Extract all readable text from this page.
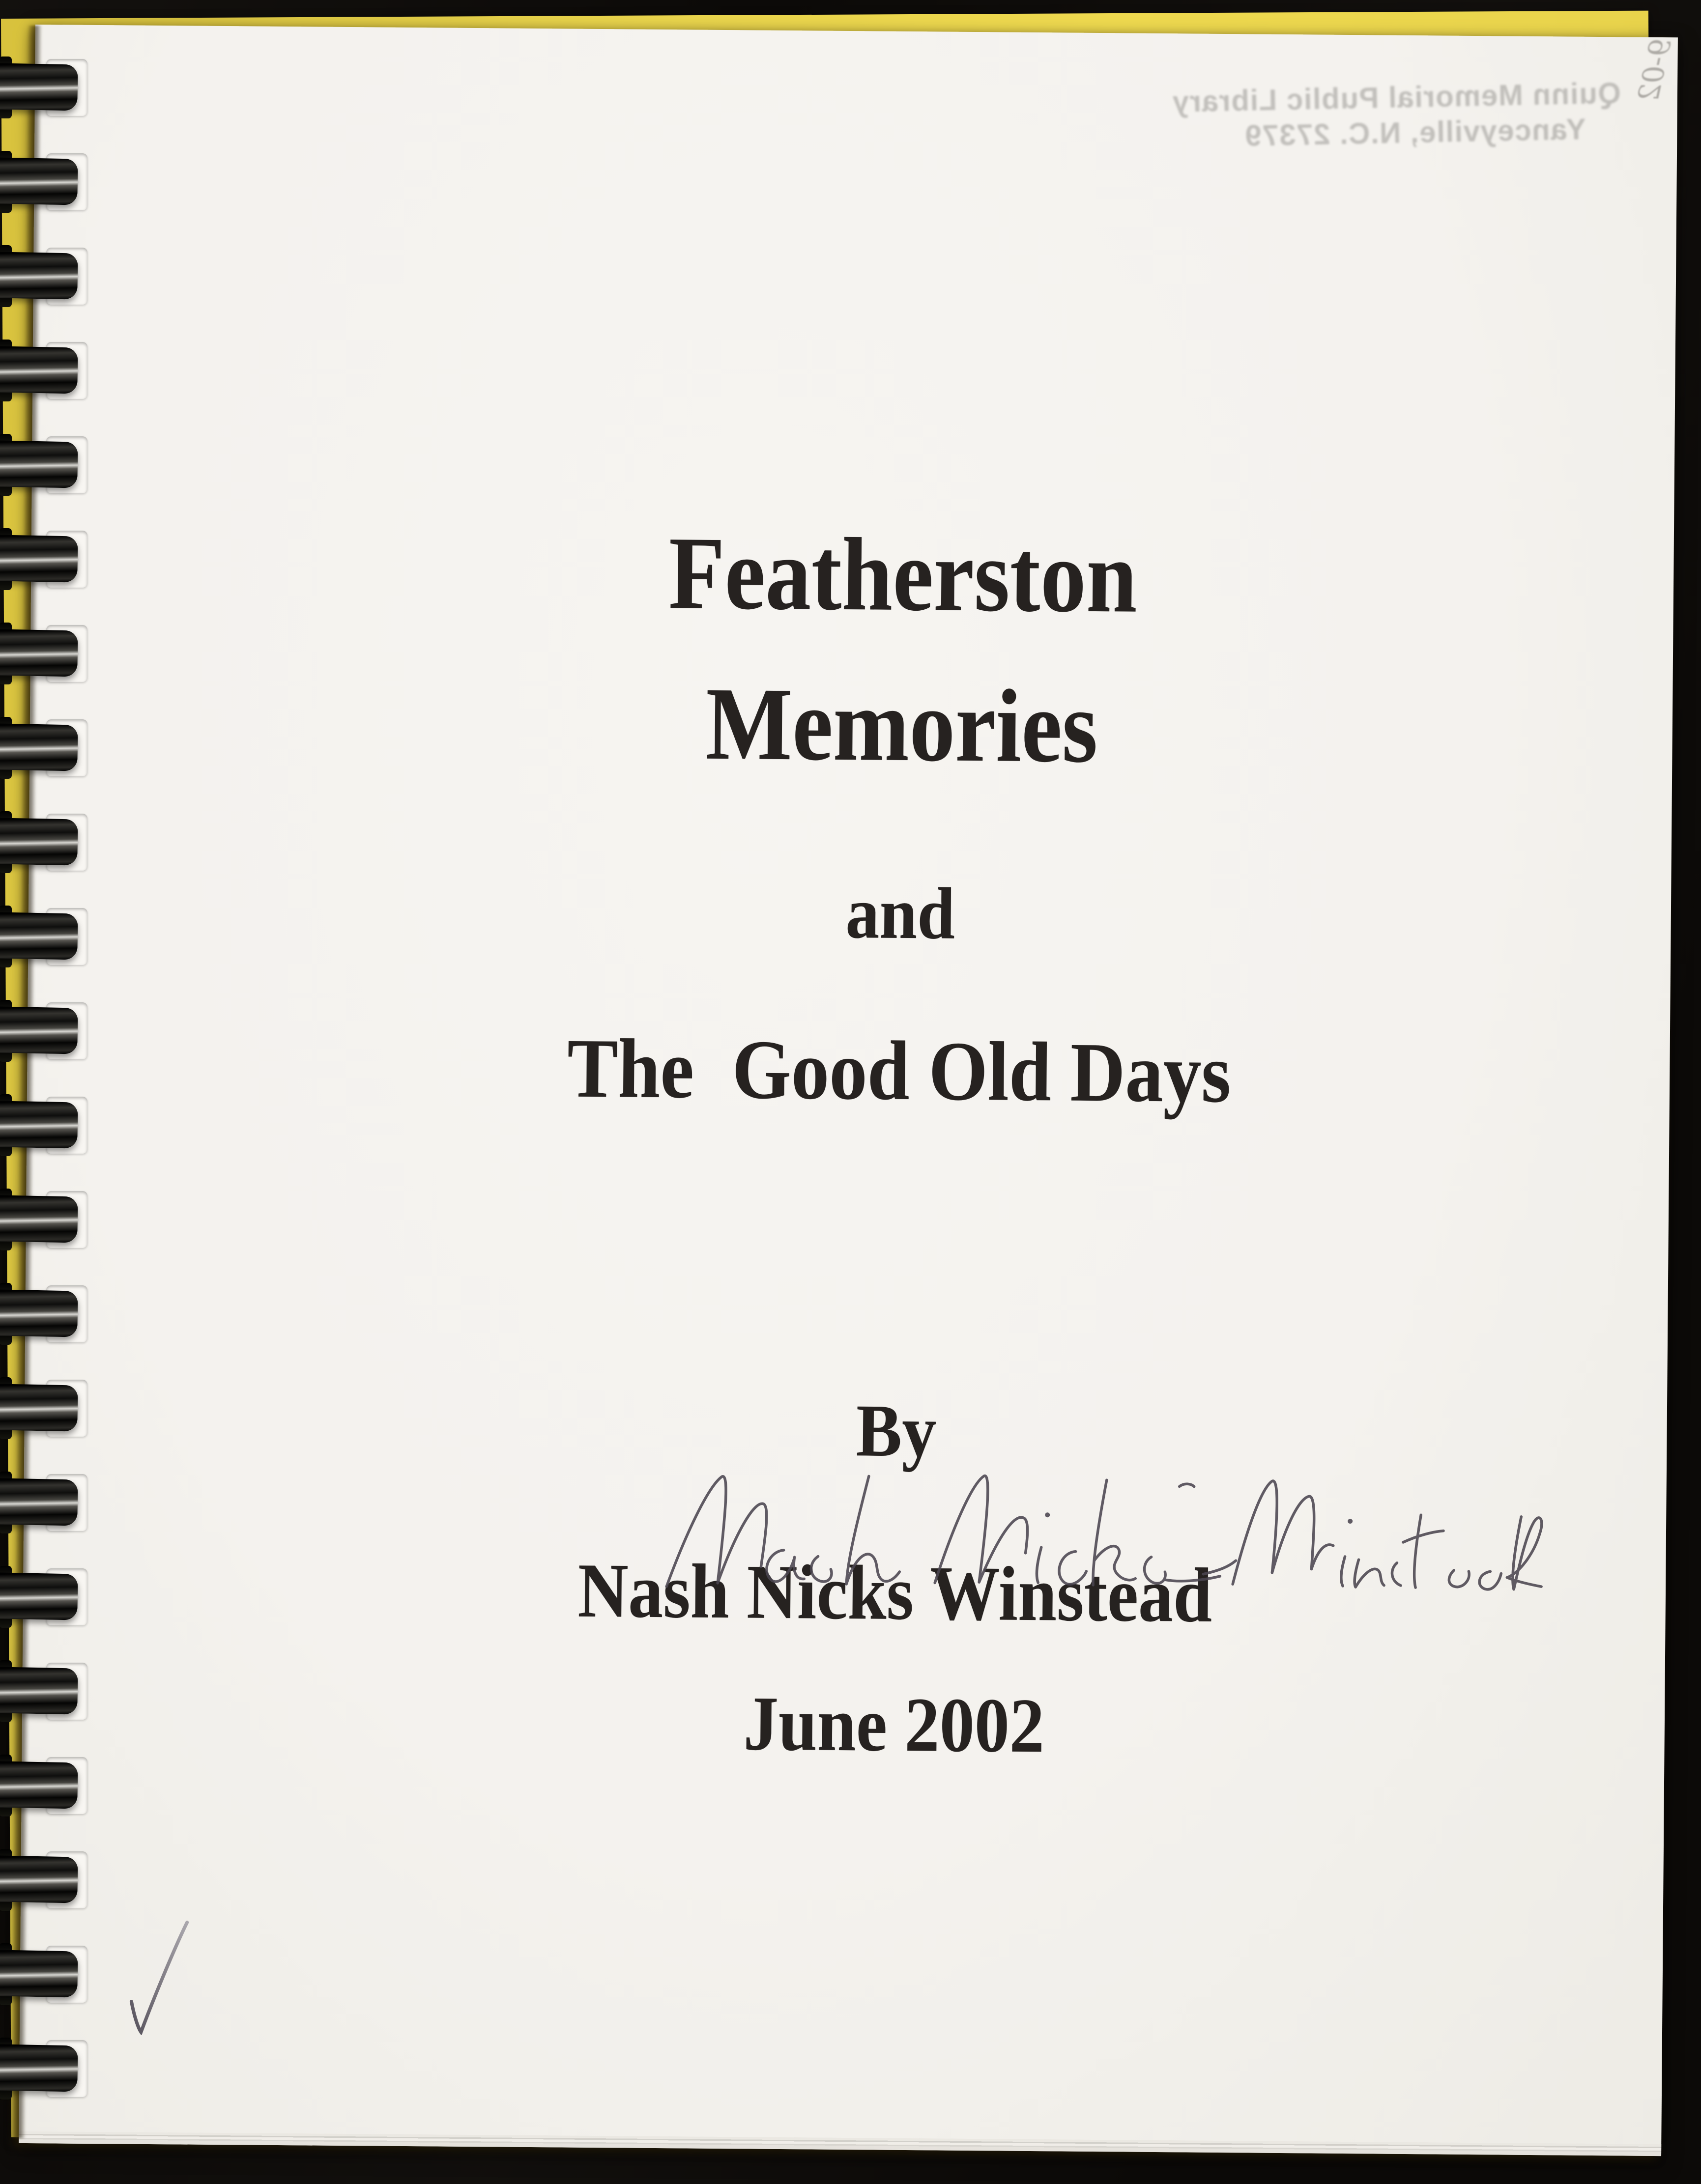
Quinn Memorial Public Library
Yanceyville, N.C. 27379
9-02
Featherston
Memories
and
The  Good Old Days
By
Nash Nicks Winstead
June 2002
